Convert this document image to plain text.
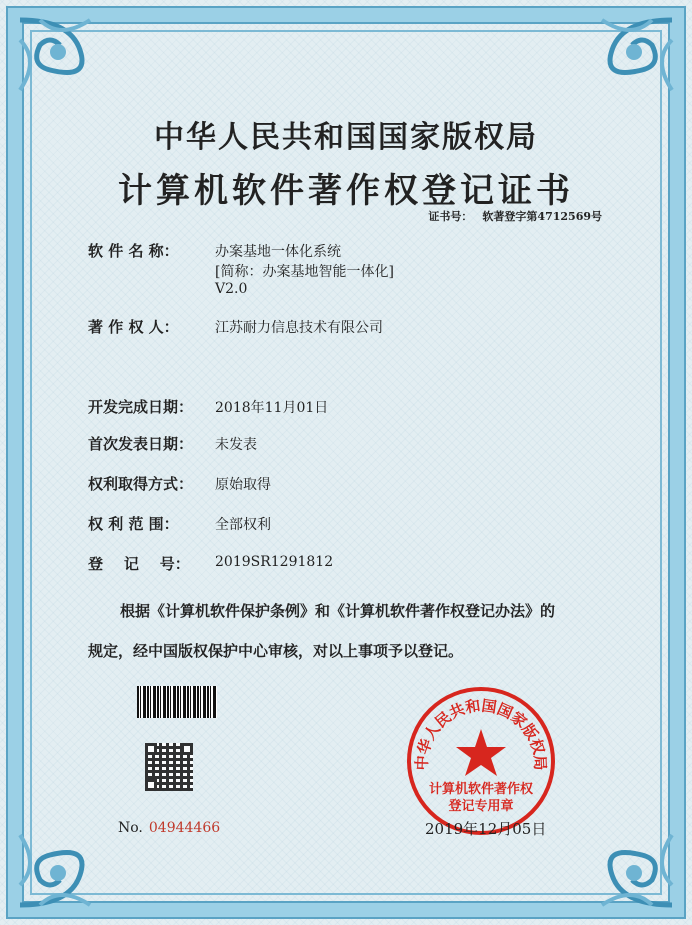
中华人民共和国国家版权局
计算机软件著作权登记证书
证书号： 软著登字第4712569号
软 件 名 称：	办案基地一体化系统
[简称：办案基地智能一体化]
V2.0
著 作 权 人：	江苏耐力信息技术有限公司
开发完成日期： 2018年11月01日
首次发表日期： 未发表
权利取得方式： 原始取得
权 利 范 围：	全部权利
登    记    号： 2019SR1291812
根据《计算机软件保护条例》和《计算机软件著作权登记办法》的
规定，经中国版权保护中心审核，对以上事项予以登记。
No. 04944466
中华人民共和国国家版权局
计算机软件著作权
登记专用章
2019年12月05日
